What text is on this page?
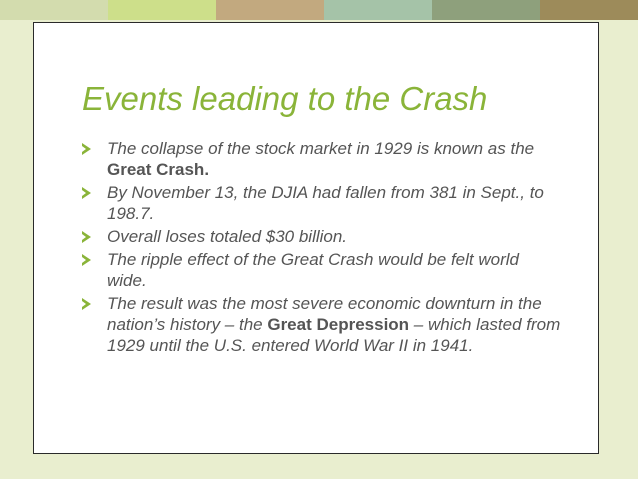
Events leading to the Crash
The collapse of the stock market in 1929 is known as the Great Crash.
By November 13, the DJIA had fallen from 381 in Sept., to 198.7.
Overall loses totaled $30 billion.
The ripple effect of the Great Crash would be felt world wide.
The result was the most severe economic downturn in the nation’s history – the Great Depression – which lasted from 1929 until the U.S. entered World War II in 1941.
